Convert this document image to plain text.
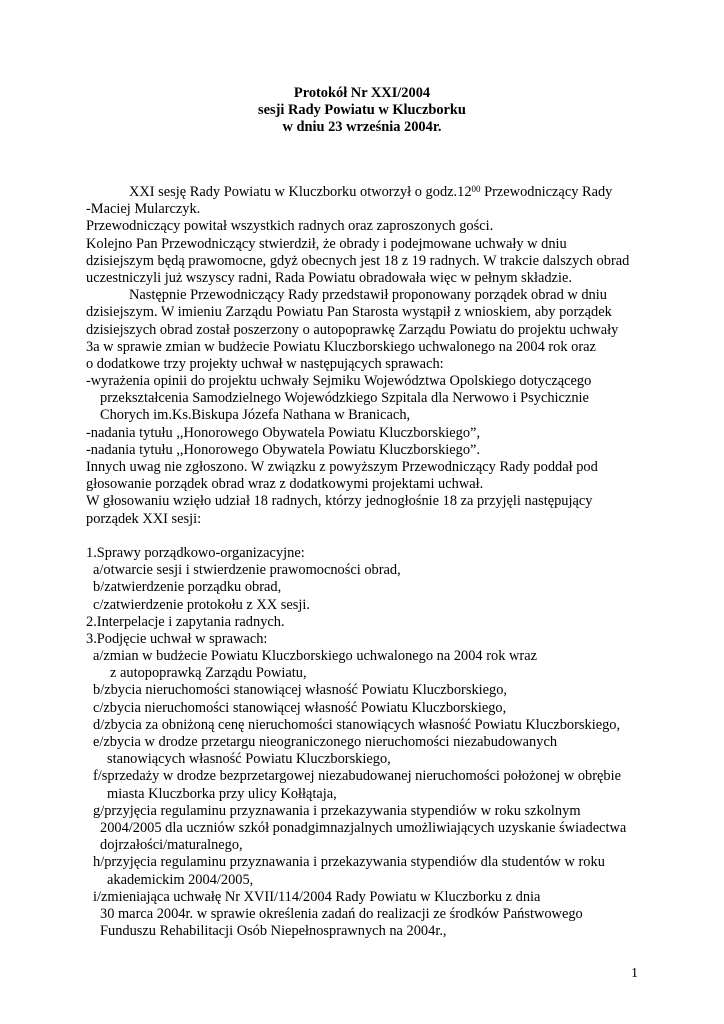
Protokół Nr XXI/2004
sesji Rady Powiatu w Kluczborku
w dniu 23 września 2004r.
XXI sesję Rady Powiatu w Kluczborku otworzył o $godz.12^{00}$ Przewodniczący Rady
-Maciej Mularczyk.
Przewodniczący powitał wszystkich radnych oraz zaproszonych gości.
Kolejno Pan Przewodniczący stwierdził, że obrady i podejmowane uchwały w dniu
dzisiejszym będą prawomocne, gdyż obecnych jest 18 z 19 radnych. W trakcie dalszych obrad
uczestniczyli już wszyscy radni, Rada Powiatu obradowała więc w pełnym składzie.
Następnie Przewodniczący Rady przedstawił proponowany porządek obrad w dniu
dzisiejszym. W imieniu Zarządu Powiatu Pan Starosta wystąpił z wnioskiem, aby porządek
dzisiejszych obrad został poszerzony o autopoprawkę Zarządu Powiatu do projektu uchwały
3a w sprawie zmian w budżecie Powiatu Kluczborskiego uchwalonego na 2004 rok oraz
o dodatkowe trzy projekty uchwał w następujących sprawach:
-wyrażenia opinii do projektu uchwały Sejmiku Województwa Opolskiego dotyczącego
przekształcenia Samodzielnego Wojewódzkiego Szpitala dla Nerwowo i Psychicznie
Chorych im.Ks.Biskupa Józefa Nathana w Branicach,
-nadania tytułu ,,Honorowego Obywatela Powiatu Kluczborskiego”,
-nadania tytułu ,,Honorowego Obywatela Powiatu Kluczborskiego”.
Innych uwag nie zgłoszono. W związku z powyższym Przewodniczący Rady poddał pod
głosowanie porządek obrad wraz z dodatkowymi projektami uchwał.
W głosowaniu wzięło udział 18 radnych, którzy jednogłośnie 18 za przyjęli następujący
porządek XXI sesji:
1.Sprawy porządkowo-organizacyjne:
a/otwarcie sesji i stwierdzenie prawomocności obrad,
b/zatwierdzenie porządku obrad,
c/zatwierdzenie protokołu z XX sesji.
2.Interpelacje i zapytania radnych.
3.Podjęcie uchwał w sprawach:
a/zmian w budżecie Powiatu Kluczborskiego uchwalonego na 2004 rok wraz
z autopoprawką Zarządu Powiatu,
b/zbycia nieruchomości stanowiącej własność Powiatu Kluczborskiego,
c/zbycia nieruchomości stanowiącej własność Powiatu Kluczborskiego,
d/zbycia za obniżoną cenę nieruchomości stanowiących własność Powiatu Kluczborskiego,
e/zbycia w drodze przetargu nieograniczonego nieruchomości niezabudowanych
stanowiących własność Powiatu Kluczborskiego,
f/sprzedaży w drodze bezprzetargowej niezabudowanej nieruchomości położonej w obrębie
miasta Kluczborka przy ulicy Kołłątaja,
g/przyjęcia regulaminu przyznawania i przekazywania stypendiów w roku szkolnym
2004/2005 dla uczniów szkół ponadgimnazjalnych umożliwiających uzyskanie świadectwa
dojrzałości/maturalnego,
h/przyjęcia regulaminu przyznawania i przekazywania stypendiów dla studentów w roku
akademickim 2004/2005,
i/zmieniająca uchwałę Nr XVII/114/2004 Rady Powiatu w Kluczborku z dnia
30 marca 2004r. w sprawie określenia zadań do realizacji ze środków Państwowego
Funduszu Rehabilitacji Osób Niepełnosprawnych na 2004r.,
1
